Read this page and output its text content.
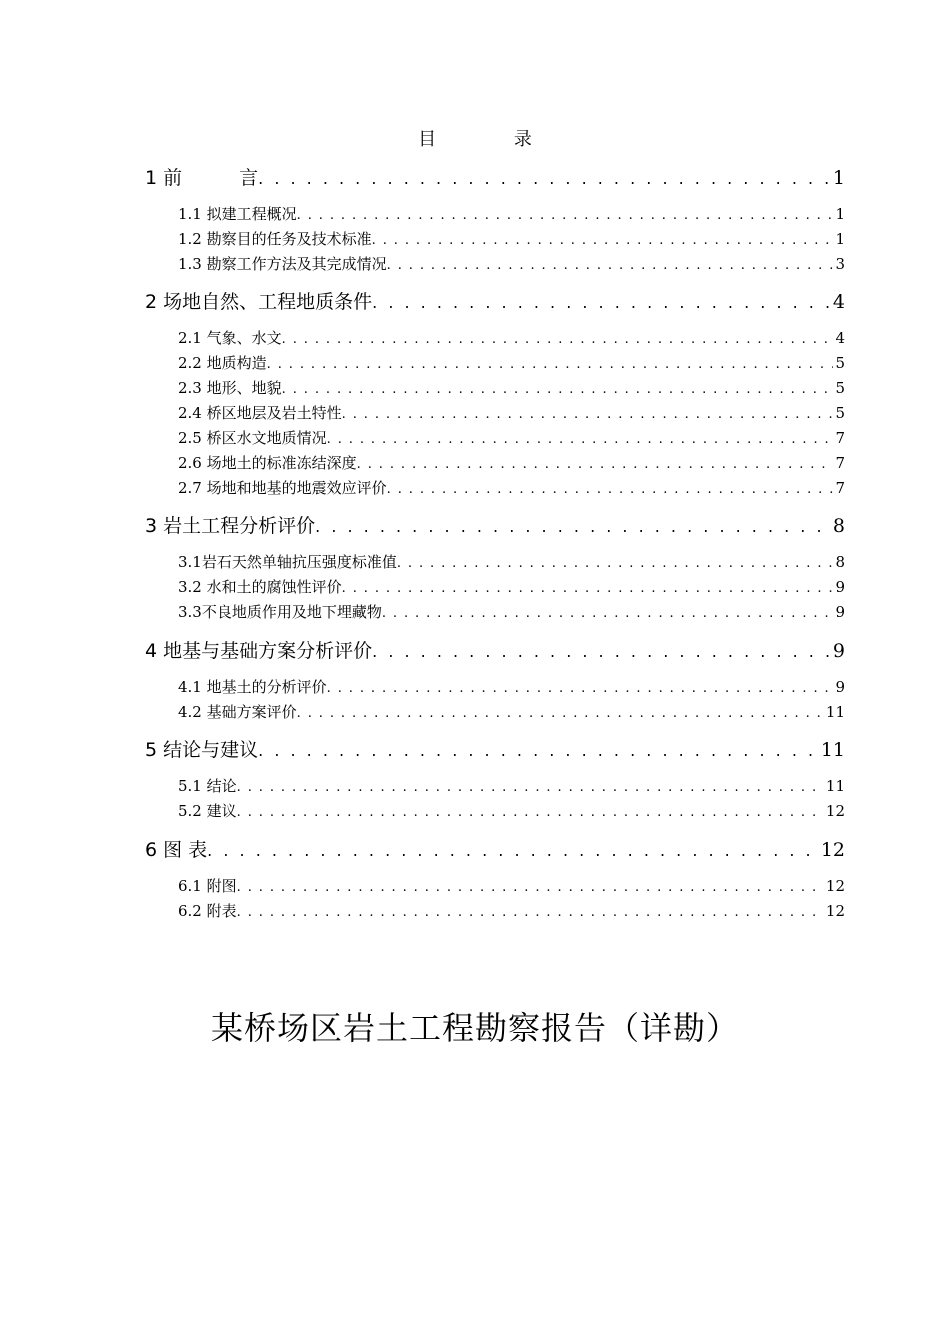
目 录
1 前　　　言 . . .	1
1.1 拟建工程概况 . . .	1
1.2 勘察目的任务及技术标准 . . .	1
1.3 勘察工作方法及其完成情况 . . .	3
2 场地自然、工程地质条件 . . .	4
2.1 气象、水文 . . .	4
2.2 地质构造 . . .	5
2.3 地形、地貌 . . .	5
2.4 桥区地层及岩土特性 . . .	5
2.5 桥区水文地质情况 . . .	7
2.6 场地土的标准冻结深度 . . .	7
2.7 场地和地基的地震效应评价 . . .	7
3 岩土工程分析评价 . . .	8
3.1岩石天然单轴抗压强度标准值 . . .	8
3.2 水和土的腐蚀性评价 . . .	9
3.3不良地质作用及地下埋藏物 . . .	9
4 地基与基础方案分析评价 . . .	9
4.1 地基土的分析评价 . . .	9
4.2 基础方案评价 . . .	11
5 结论与建议 . . .	11
5.1 结论 . . .	11
5.2 建议 . . .	12
6 图 表 . . .	12
6.1 附图 . . .	12
6.2 附表 . . .	12
某桥场区岩土工程勘察报告（详勘）
